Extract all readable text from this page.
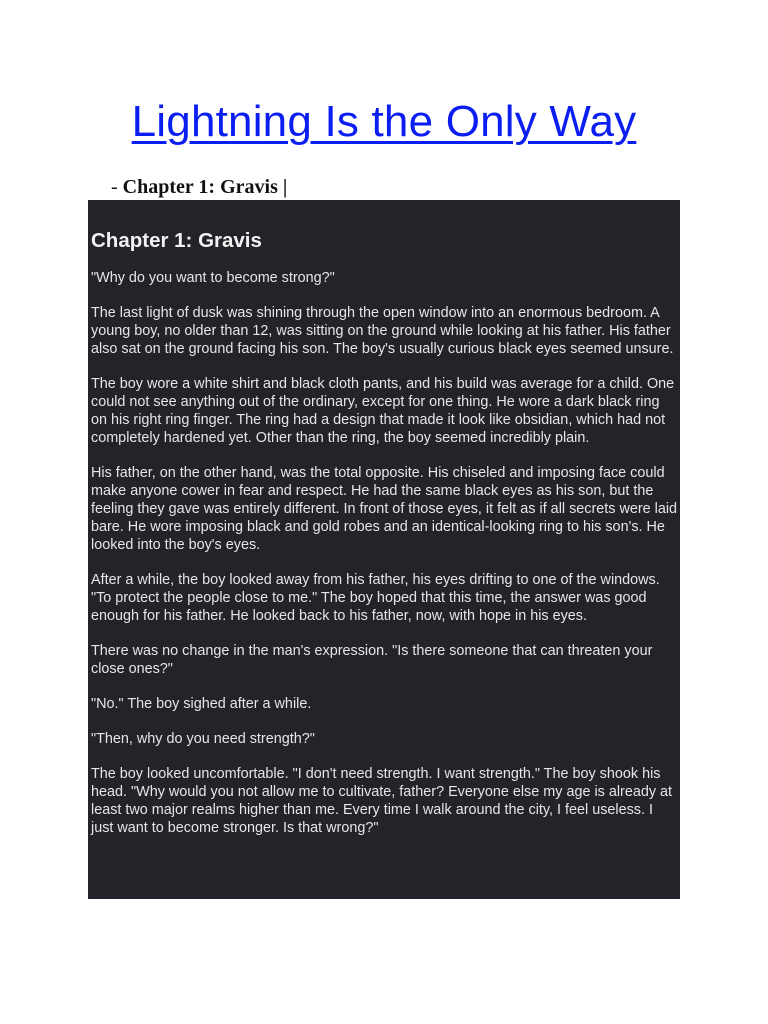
Lightning Is the Only Way
- Chapter 1: Gravis |
Chapter 1: Gravis

"Why do you want to become strong?"

The last light of dusk was shining through the open window into an enormous bedroom. A young boy, no older than 12, was sitting on the ground while looking at his father. His father also sat on the ground facing his son. The boy's usually curious black eyes seemed unsure.

The boy wore a white shirt and black cloth pants, and his build was average for a child. One could not see anything out of the ordinary, except for one thing. He wore a dark black ring on his right ring finger. The ring had a design that made it look like obsidian, which had not completely hardened yet. Other than the ring, the boy seemed incredibly plain.

His father, on the other hand, was the total opposite. His chiseled and imposing face could make anyone cower in fear and respect. He had the same black eyes as his son, but the feeling they gave was entirely different. In front of those eyes, it felt as if all secrets were laid bare. He wore imposing black and gold robes and an identical-looking ring to his son's. He looked into the boy's eyes.

After a while, the boy looked away from his father, his eyes drifting to one of the windows. "To protect the people close to me." The boy hoped that this time, the answer was good enough for his father. He looked back to his father, now, with hope in his eyes.

There was no change in the man's expression. "Is there someone that can threaten your close ones?"

"No." The boy sighed after a while.

"Then, why do you need strength?"

The boy looked uncomfortable. "I don't need strength. I want strength." The boy shook his head. "Why would you not allow me to cultivate, father? Everyone else my age is already at least two major realms higher than me. Every time I walk around the city, I feel useless. I just want to become stronger. Is that wrong?"
